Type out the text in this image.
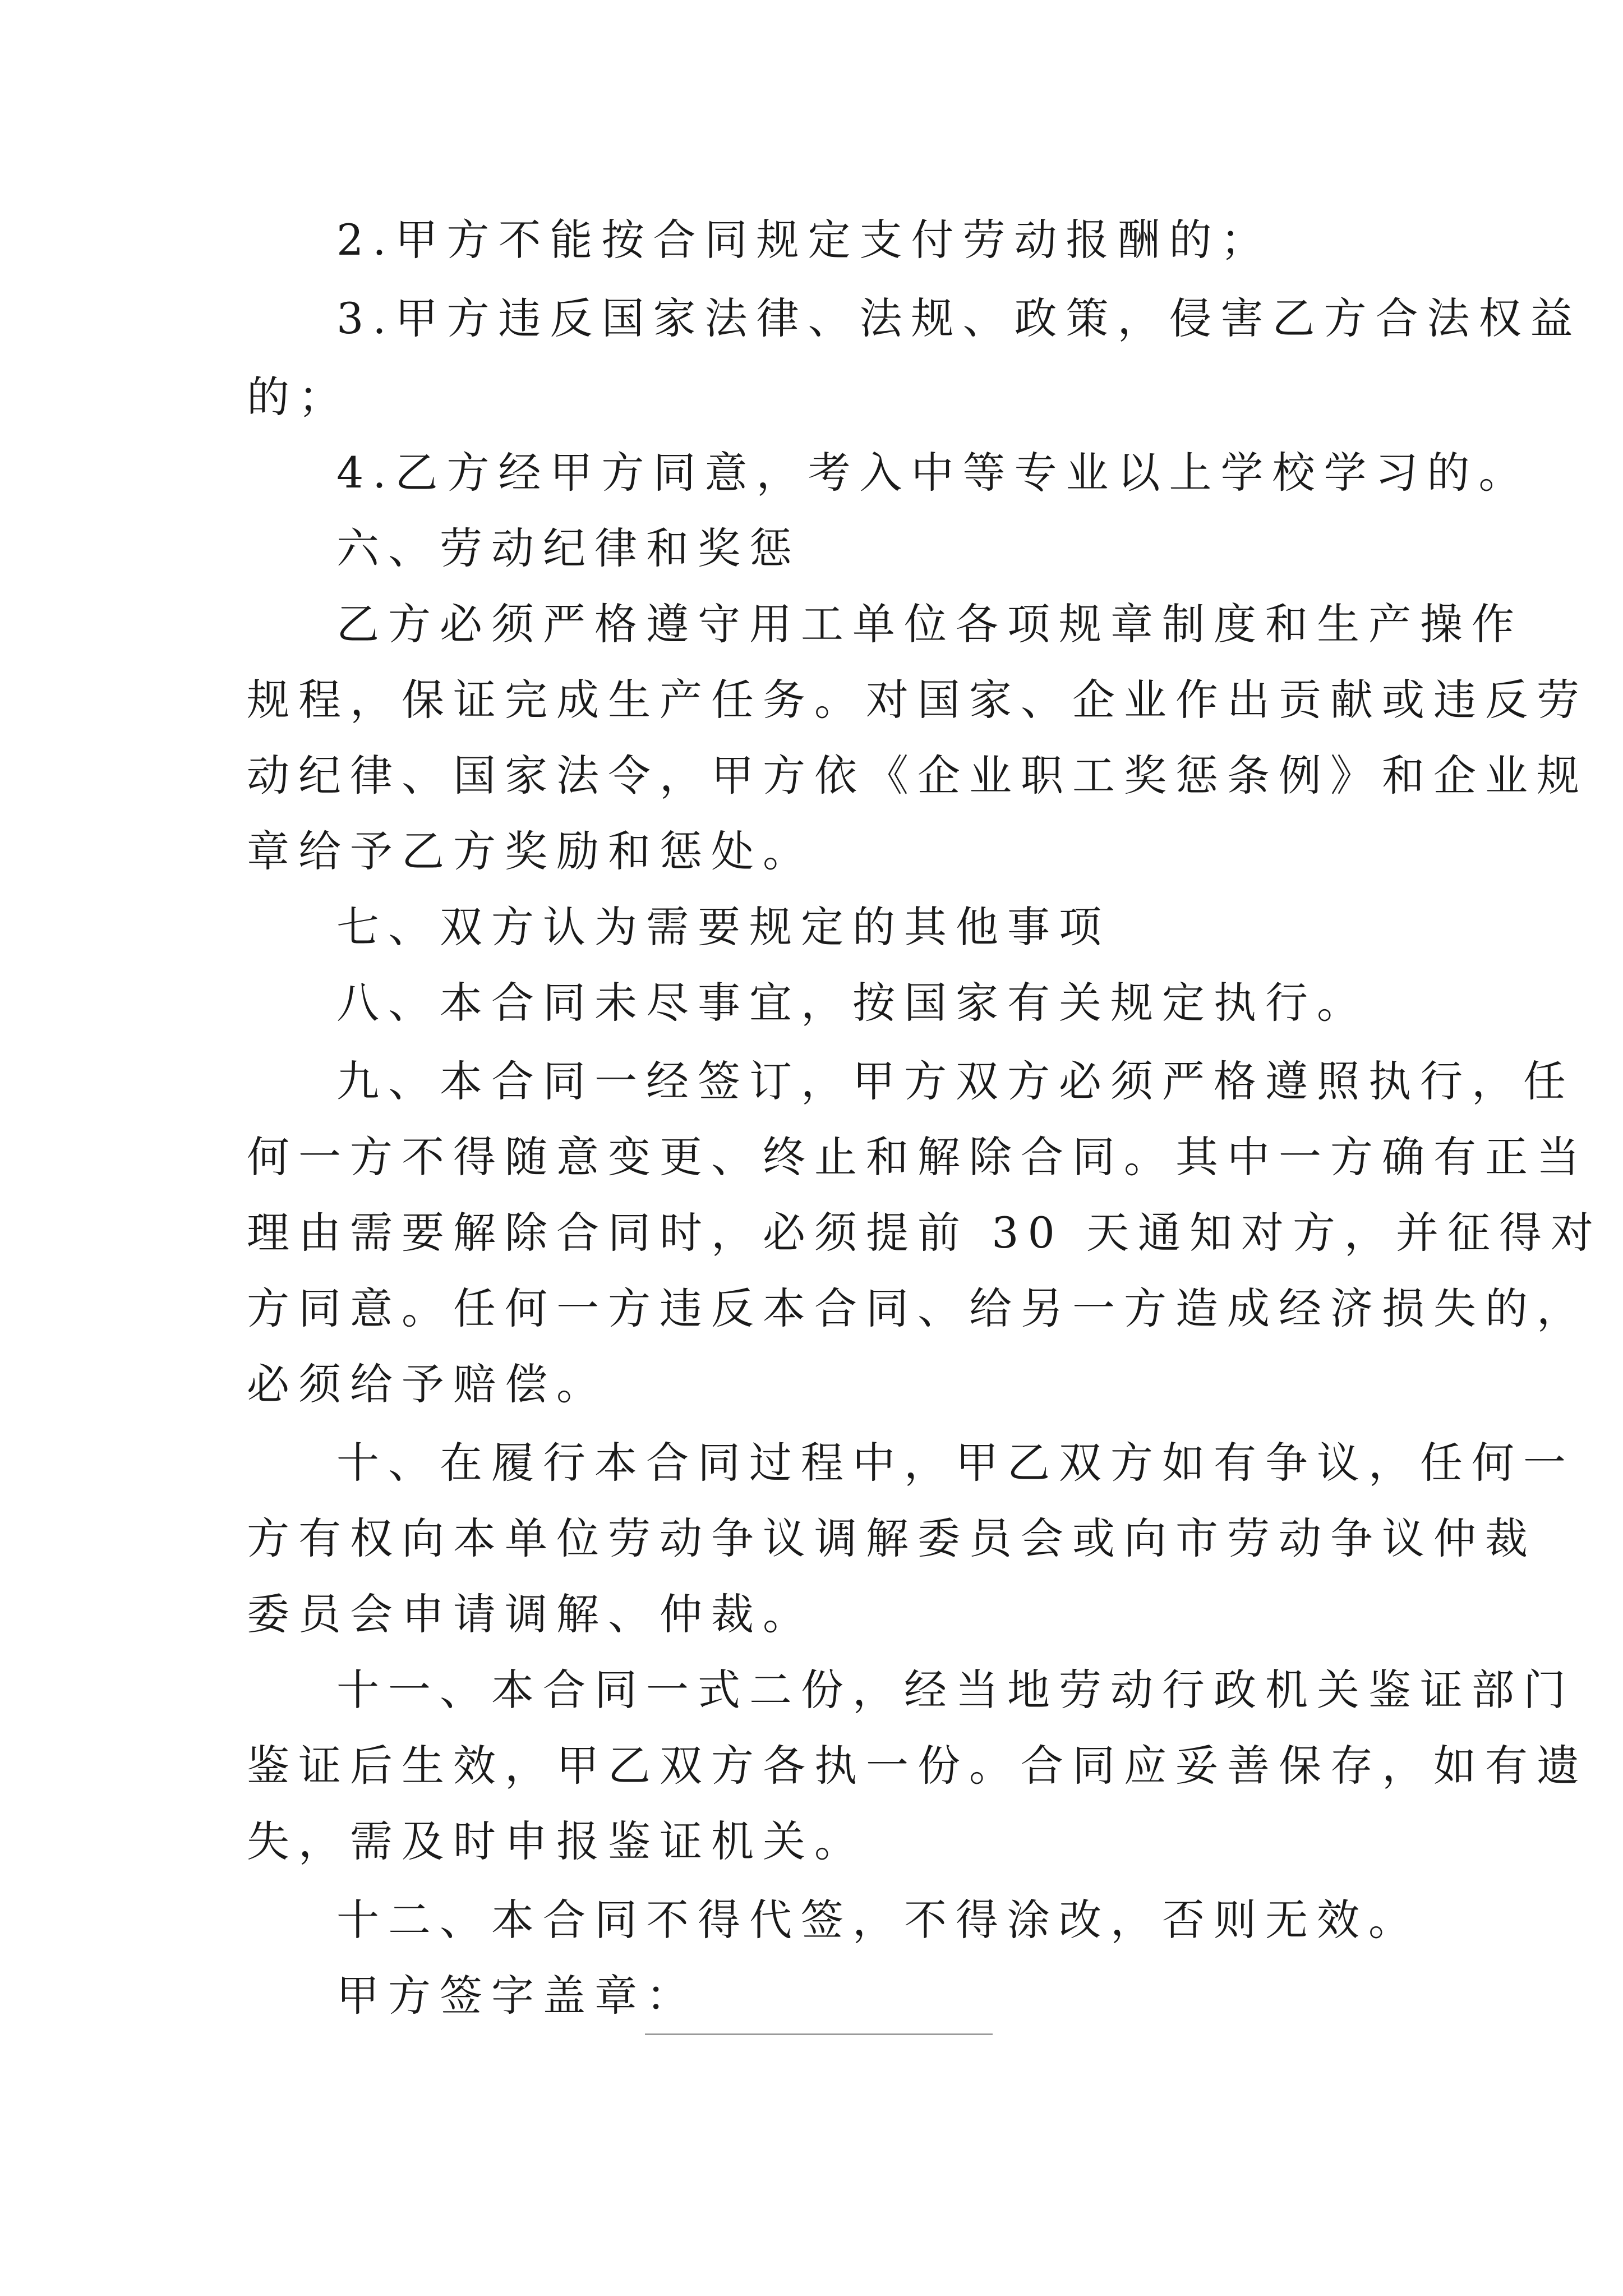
2.甲方不能按合同规定支付劳动报酬的；
3.甲方违反国家法律、法规、政策，侵害乙方合法权益
的；
4.乙方经甲方同意，考入中等专业以上学校学习的。
六、劳动纪律和奖惩
乙方必须严格遵守用工单位各项规章制度和生产操作
规程，保证完成生产任务。对国家、企业作出贡献或违反劳
动纪律、国家法令，甲方依《企业职工奖惩条例》和企业规
章给予乙方奖励和惩处。
七、双方认为需要规定的其他事项
八、本合同未尽事宜，按国家有关规定执行。
九、本合同一经签订，甲方双方必须严格遵照执行，任
何一方不得随意变更、终止和解除合同。其中一方确有正当
理由需要解除合同时，必须提前 30 天通知对方，并征得对
方同意。任何一方违反本合同、给另一方造成经济损失的，
必须给予赔偿。
十、在履行本合同过程中，甲乙双方如有争议，任何一
方有权向本单位劳动争议调解委员会或向市劳动争议仲裁
委员会申请调解、仲裁。
十一、本合同一式二份，经当地劳动行政机关鉴证部门
鉴证后生效，甲乙双方各执一份。合同应妥善保存，如有遗
失，需及时申报鉴证机关。
十二、本合同不得代签，不得涂改，否则无效。
甲方签字盖章：
